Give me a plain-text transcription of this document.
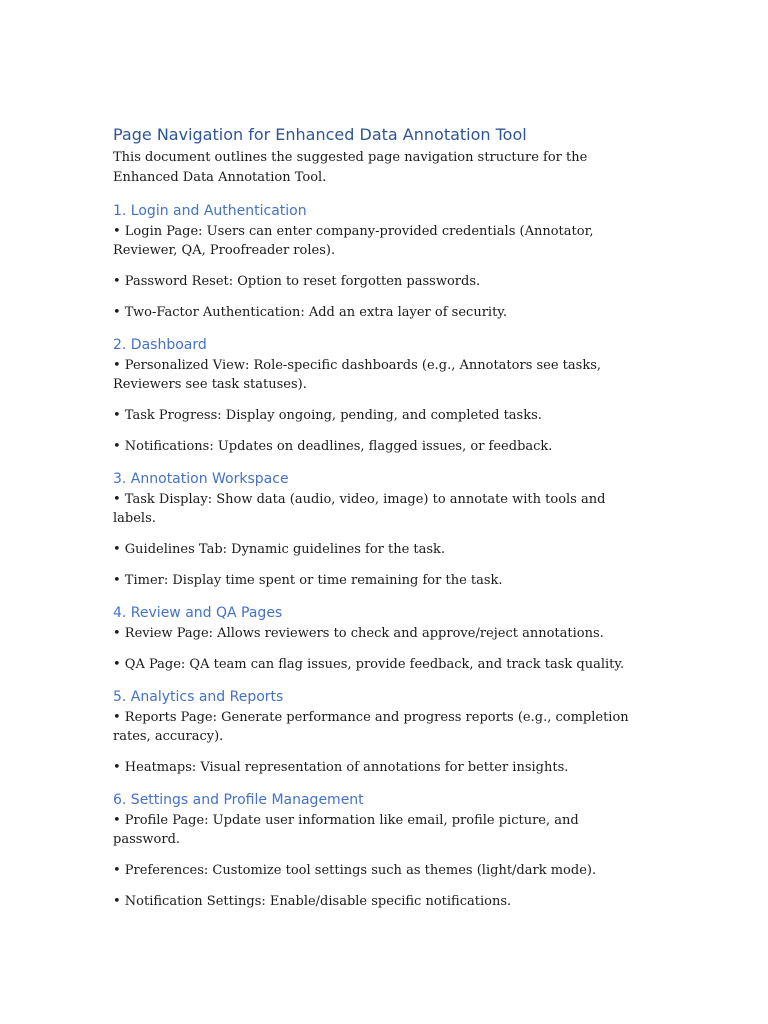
Page Navigation for Enhanced Data Annotation Tool

This document outlines the suggested page navigation structure for the Enhanced Data Annotation Tool.

1. Login and Authentication
• Login Page: Users can enter company-provided credentials (Annotator, Reviewer, QA, Proofreader roles).
• Password Reset: Option to reset forgotten passwords.
• Two-Factor Authentication: Add an extra layer of security.
2. Dashboard
• Personalized View: Role-specific dashboards (e.g., Annotators see tasks, Reviewers see task statuses).
• Task Progress: Display ongoing, pending, and completed tasks.
• Notifications: Updates on deadlines, flagged issues, or feedback.
3. Annotation Workspace
• Task Display: Show data (audio, video, image) to annotate with tools and labels.
• Guidelines Tab: Dynamic guidelines for the task.
• Timer: Display time spent or time remaining for the task.
4. Review and QA Pages
• Review Page: Allows reviewers to check and approve/reject annotations.
• QA Page: QA team can flag issues, provide feedback, and track task quality.
5. Analytics and Reports
• Reports Page: Generate performance and progress reports (e.g., completion rates, accuracy).
• Heatmaps: Visual representation of annotations for better insights.
6. Settings and Profile Management
• Profile Page: Update user information like email, profile picture, and password.
• Preferences: Customize tool settings such as themes (light/dark mode).
• Notification Settings: Enable/disable specific notifications.
